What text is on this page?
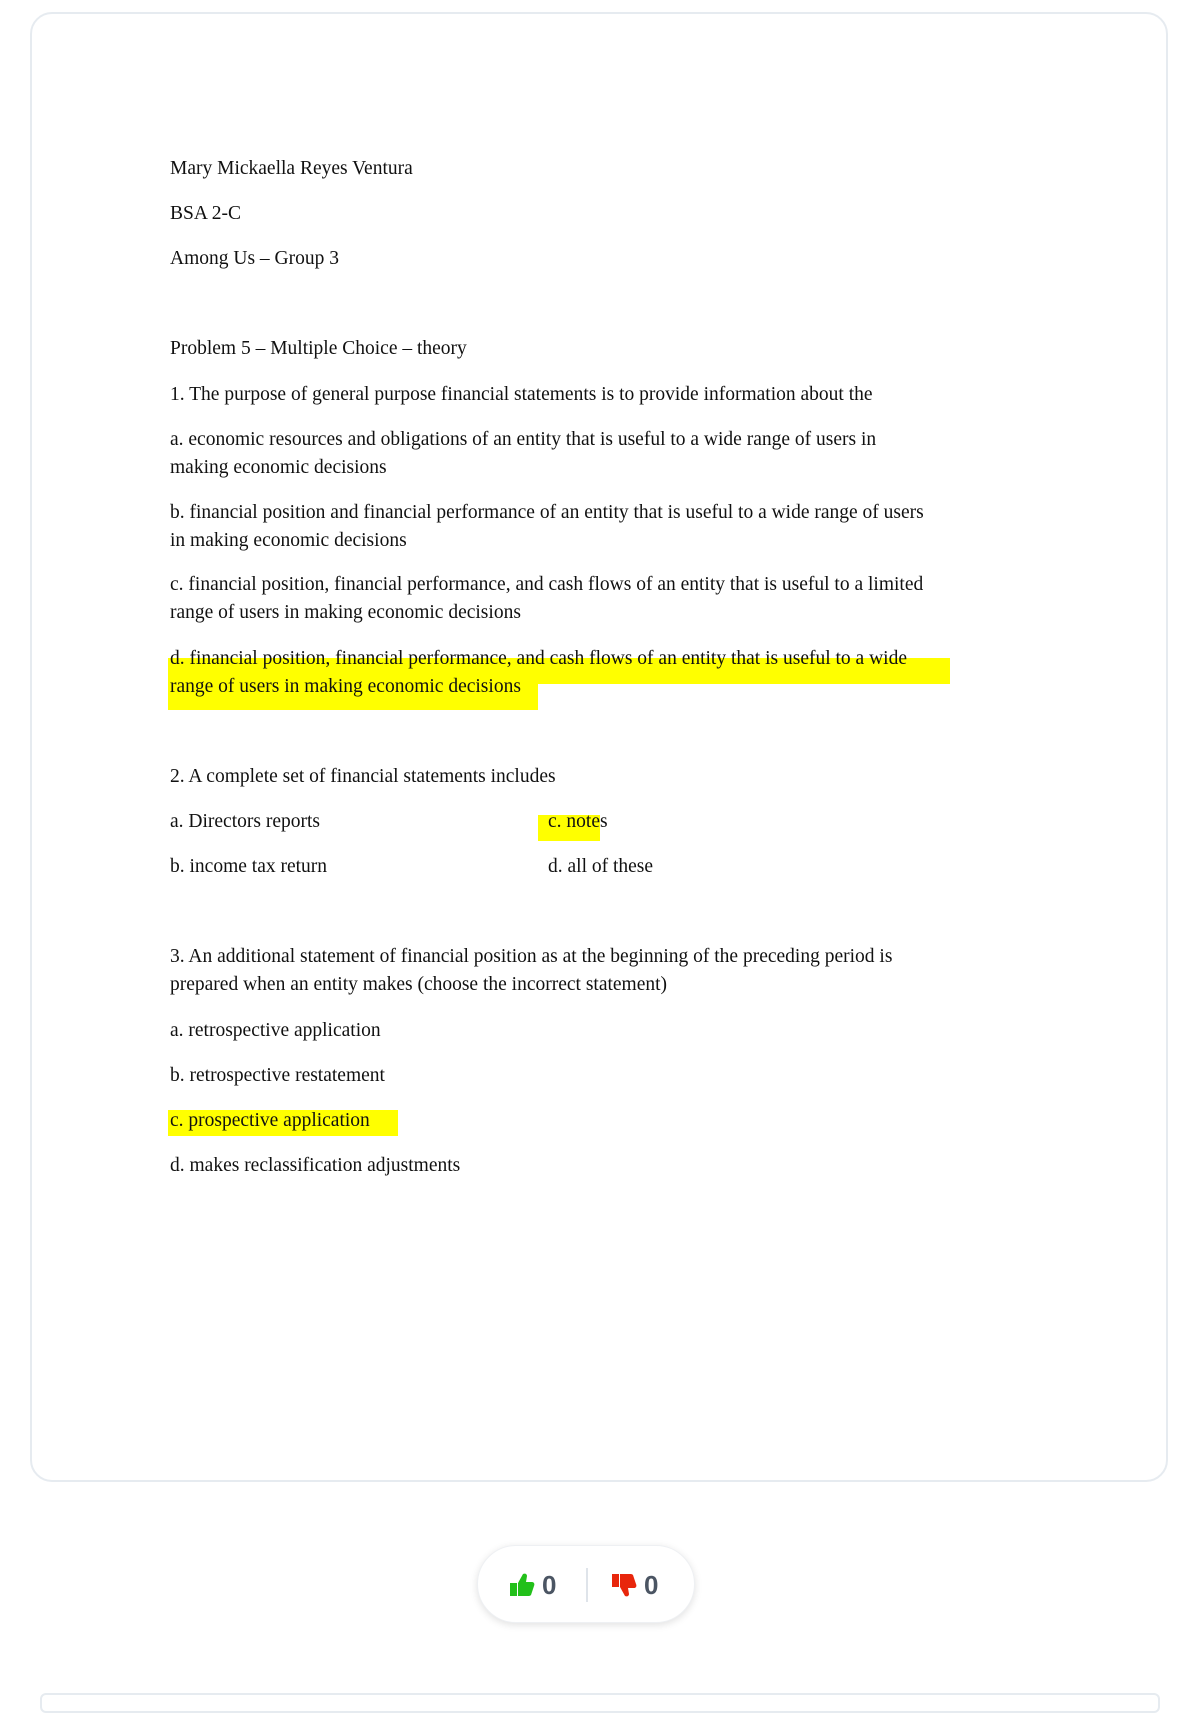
Mary Mickaella Reyes Ventura
BSA 2-C
Among Us – Group 3
Problem 5 – Multiple Choice – theory
1. The purpose of general purpose financial statements is to provide information about the
a. economic resources and obligations of an entity that is useful to a wide range of users in
making economic decisions
b. financial position and financial performance of an entity that is useful to a wide range of users
in making economic decisions
c. financial position, financial performance, and cash flows of an entity that is useful to a limited
range of users in making economic decisions
d. financial position, financial performance, and cash flows of an entity that is useful to a wide
range of users in making economic decisions
2. A complete set of financial statements includes
a. Directors reports
b. income tax return
c. notes
d. all of these
3. An additional statement of financial position as at the beginning of the preceding period is
prepared when an entity makes (choose the incorrect statement)
a. retrospective application
b. retrospective restatement
c. prospective application
d. makes reclassification adjustments
0	0
